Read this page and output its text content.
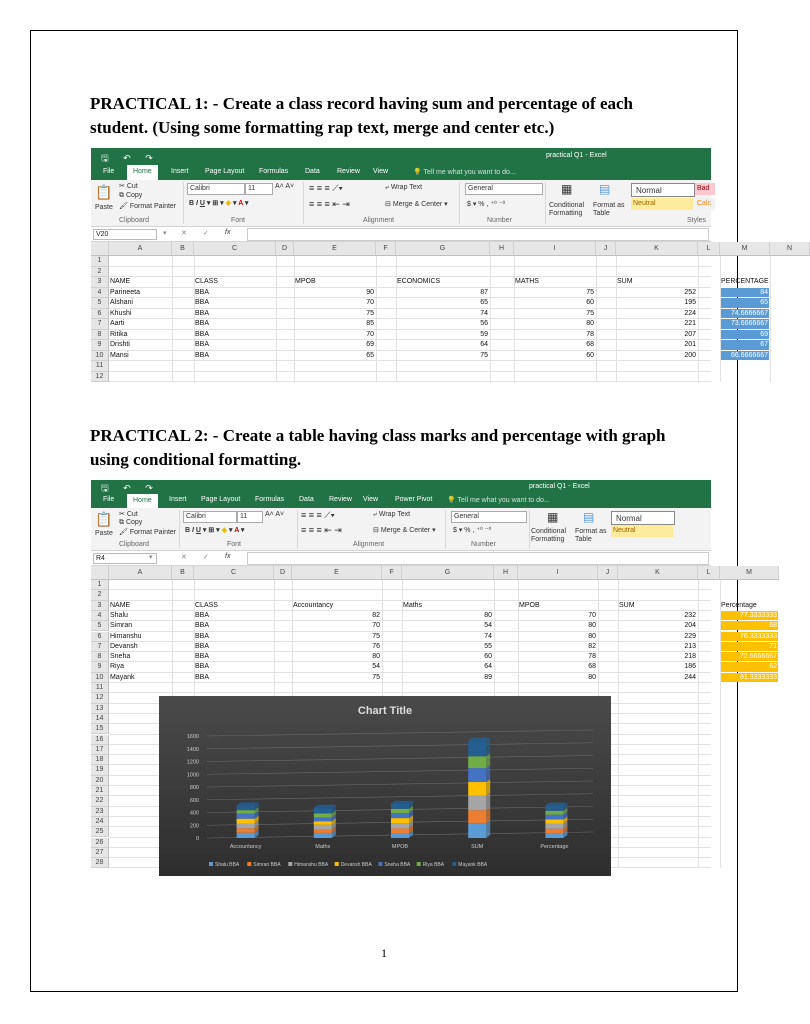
PRACTICAL 1: - Create a class record having sum and percentage of each student. (Using some formatting rap text, merge and center etc.)
🖫 ↶ ↷	practical Q1 - Excel
File	Home	Insert Page Layout Formulas Data Review View	💡 Tell me what you want to do...
📋
Paste
✂ Cut
⧉ Copy
🖌 Format Painter
Clipboard
Calibri	11	A˄ A˅
B I U ▾ ⊞ ▾ ◈ ▾ A ▾
Font
≡ ≡ ≡ ⟋▾
≡ ≡ ≡ ⇤ ⇥
⤶ Wrap Text
⊟ Merge & Center ▾
Alignment
General
$ ▾ % , ⁺⁰ ⁻⁰
Number
▦
Conditional Formatting
▤
Format as Table
Normal
Neutral
Bad
Calc
Styles
V20	▾ ✕ ✓ fx
A	B	C	D	E	F	G	H	I	J	K	L	M	N
1
2
3
4
5
6
7
8
9
10
11
12
NAME	CLASS	MPOB	ECONOMICS	MATHS	SUM	PERCENTAGE
Parineeta	BBA	90	87	75	252	84
Alshani	BBA	70	65	60	195	65
Khushi	BBA	75	74	75	224	74.6666667
Aarti	BBA	85	56	80	221	73.6666667
Ritika	BBA	70	59	78	207	69
Drishti	BBA	69	64	68	201	67
Mansi	BBA	65	75	60	200	66.6666667
PRACTICAL 2: - Create a table having class marks and percentage with graph using conditional formatting.
🖫 ↶ ↷	practical Q1 - Excel
File	Home	Insert Page Layout Formulas Data Review View Power Pivot 💡 Tell me what you want to do...
📋
Paste
✂ Cut
⧉ Copy
🖌 Format Painter
Clipboard
Calibri	11	A˄ A˅
B I U ▾ ⊞ ▾ ◈ ▾ A ▾
Font
≡ ≡ ≡ ⟋▾
≡ ≡ ≡ ⇤ ⇥
⤶ Wrap Text
⊟ Merge & Center ▾
Alignment
General
$ ▾ % , ⁺⁰ ⁻⁰
Number
▦
Conditional Formatting
▤
Format as Table
Normal
Neutral
R4	▾	✕ ✓ fx
A	B	C	D	E	F	G	H	I	J	K	L	M
1
2
3
4
5
6
7
8
9
10
11
12
13
14
15
16
17
18
19
20
21
22
23
24
25
26
27
28
NAME	CLASS	Accountancy	Maths	MPOB	SUM	Percentage
Shalu	BBA	82	80	70	232	77.3333333
Simran	BBA	70	54	80	204	68
Himanshu	BBA	75	74	80	229	76.3333333
Devansh	BBA	76	55	82	213	71
Sneha	BBA	80	60	78	218	72.6666667
Riya	BBA	54	64	68	186	62
Mayank	BBA	75	89	80	244	81.3333333
Chart Title
0
200
400
600
800
1000
1200
1400
1600
Accountancy	Maths	MPOB	SUM	Percentage
Shalu BBA	Simran BBA	Himanshu BBA Devansh BBA	Sneha BBA Riya BBA	Mayank BBA
1
